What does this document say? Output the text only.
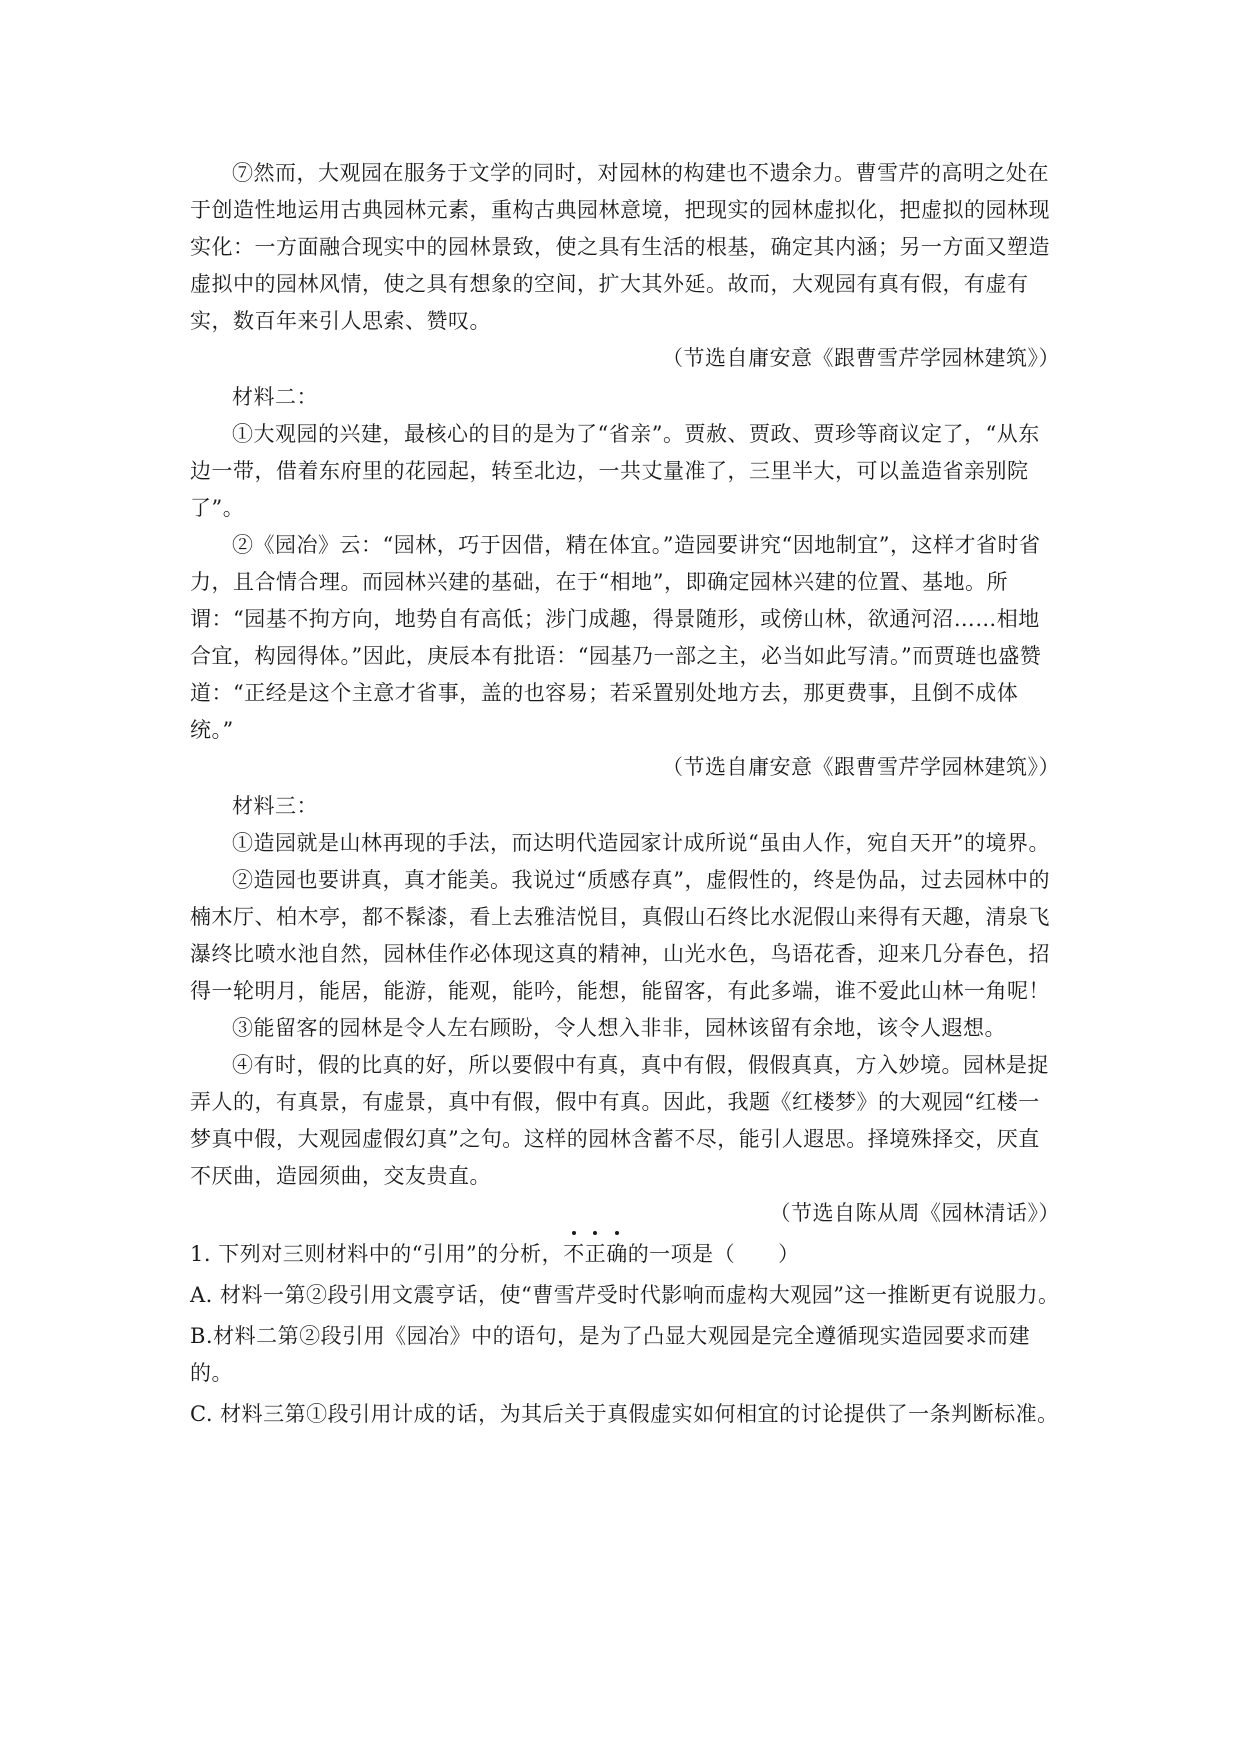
⑦然而，大观园在服务于文学的同时，对园林的构建也不遗余力。曹雪芹的高明之处在于创造性地运用古典园林元素，重构古典园林意境，把现实的园林虚拟化，把虚拟的园林现实化：一方面融合现实中的园林景致，使之具有生活的根基，确定其内涵；另一方面又塑造虚拟中的园林风情，使之具有想象的空间，扩大其外延。故而，大观园有真有假，有虚有实，数百年来引人思索、赞叹。

（节选自庸安意《跟曹雪芹学园林建筑》）

材料二：

①大观园的兴建，最核心的目的是为了“省亲”。贾赦、贾政、贾珍等商议定了，“从东边一带，借着东府里的花园起，转至北边，一共丈量准了，三里半大，可以盖造省亲别院了”。

②《园冶》云：“园林，巧于因借，精在体宜。”造园要讲究“因地制宜”，这样才省时省力，且合情合理。而园林兴建的基础，在于“相地”，即确定园林兴建的位置、基地。所谓：“园基不拘方向，地势自有高低；涉门成趣，得景随形，或傍山林，欲通河沼……相地合宜，构园得体。”因此，庚辰本有批语：“园基乃一部之主，必当如此写清。”而贾琏也盛赞道：“正经是这个主意才省事，盖的也容易；若采置别处地方去，那更费事，且倒不成体统。”

（节选自庸安意《跟曹雪芹学园林建筑》）

材料三：

①造园就是山林再现的手法，而达明代造园家计成所说“虽由人作，宛自天开”的境界。

②造园也要讲真，真才能美。我说过“质感存真”，虚假性的，终是伪品，过去园林中的楠木厅、柏木亭，都不髹漆，看上去雅洁悦目，真假山石终比水泥假山来得有天趣，清泉飞瀑终比喷水池自然，园林佳作必体现这真的精神，山光水色，鸟语花香，迎来几分春色，招得一轮明月，能居，能游，能观，能吟，能想，能留客，有此多端，谁不爱此山林一角呢！

③能留客的园林是令人左右顾盼，令人想入非非，园林该留有余地，该令人遐想。

④有时，假的比真的好，所以要假中有真，真中有假，假假真真，方入妙境。园林是捉弄人的，有真景，有虚景，真中有假，假中有真。因此，我题《红楼梦》的大观园“红楼一梦真中假，大观园虚假幻真”之句。这样的园林含蓄不尽，能引人遐思。择境殊择交，厌直不厌曲，造园须曲，交友贵直。

（节选自陈从周《园林清话》）

1. 下列对三则材料中的“引用”的分析，不正确的一项是（　　）

A. 材料一第②段引用文震亨话，使“曹雪芹受时代影响而虚构大观园”这一推断更有说服力。

B.材料二第②段引用《园冶》中的语句，是为了凸显大观园是完全遵循现实造园要求而建的。

C. 材料三第①段引用计成的话，为其后关于真假虚实如何相宜的讨论提供了一条判断标准。
